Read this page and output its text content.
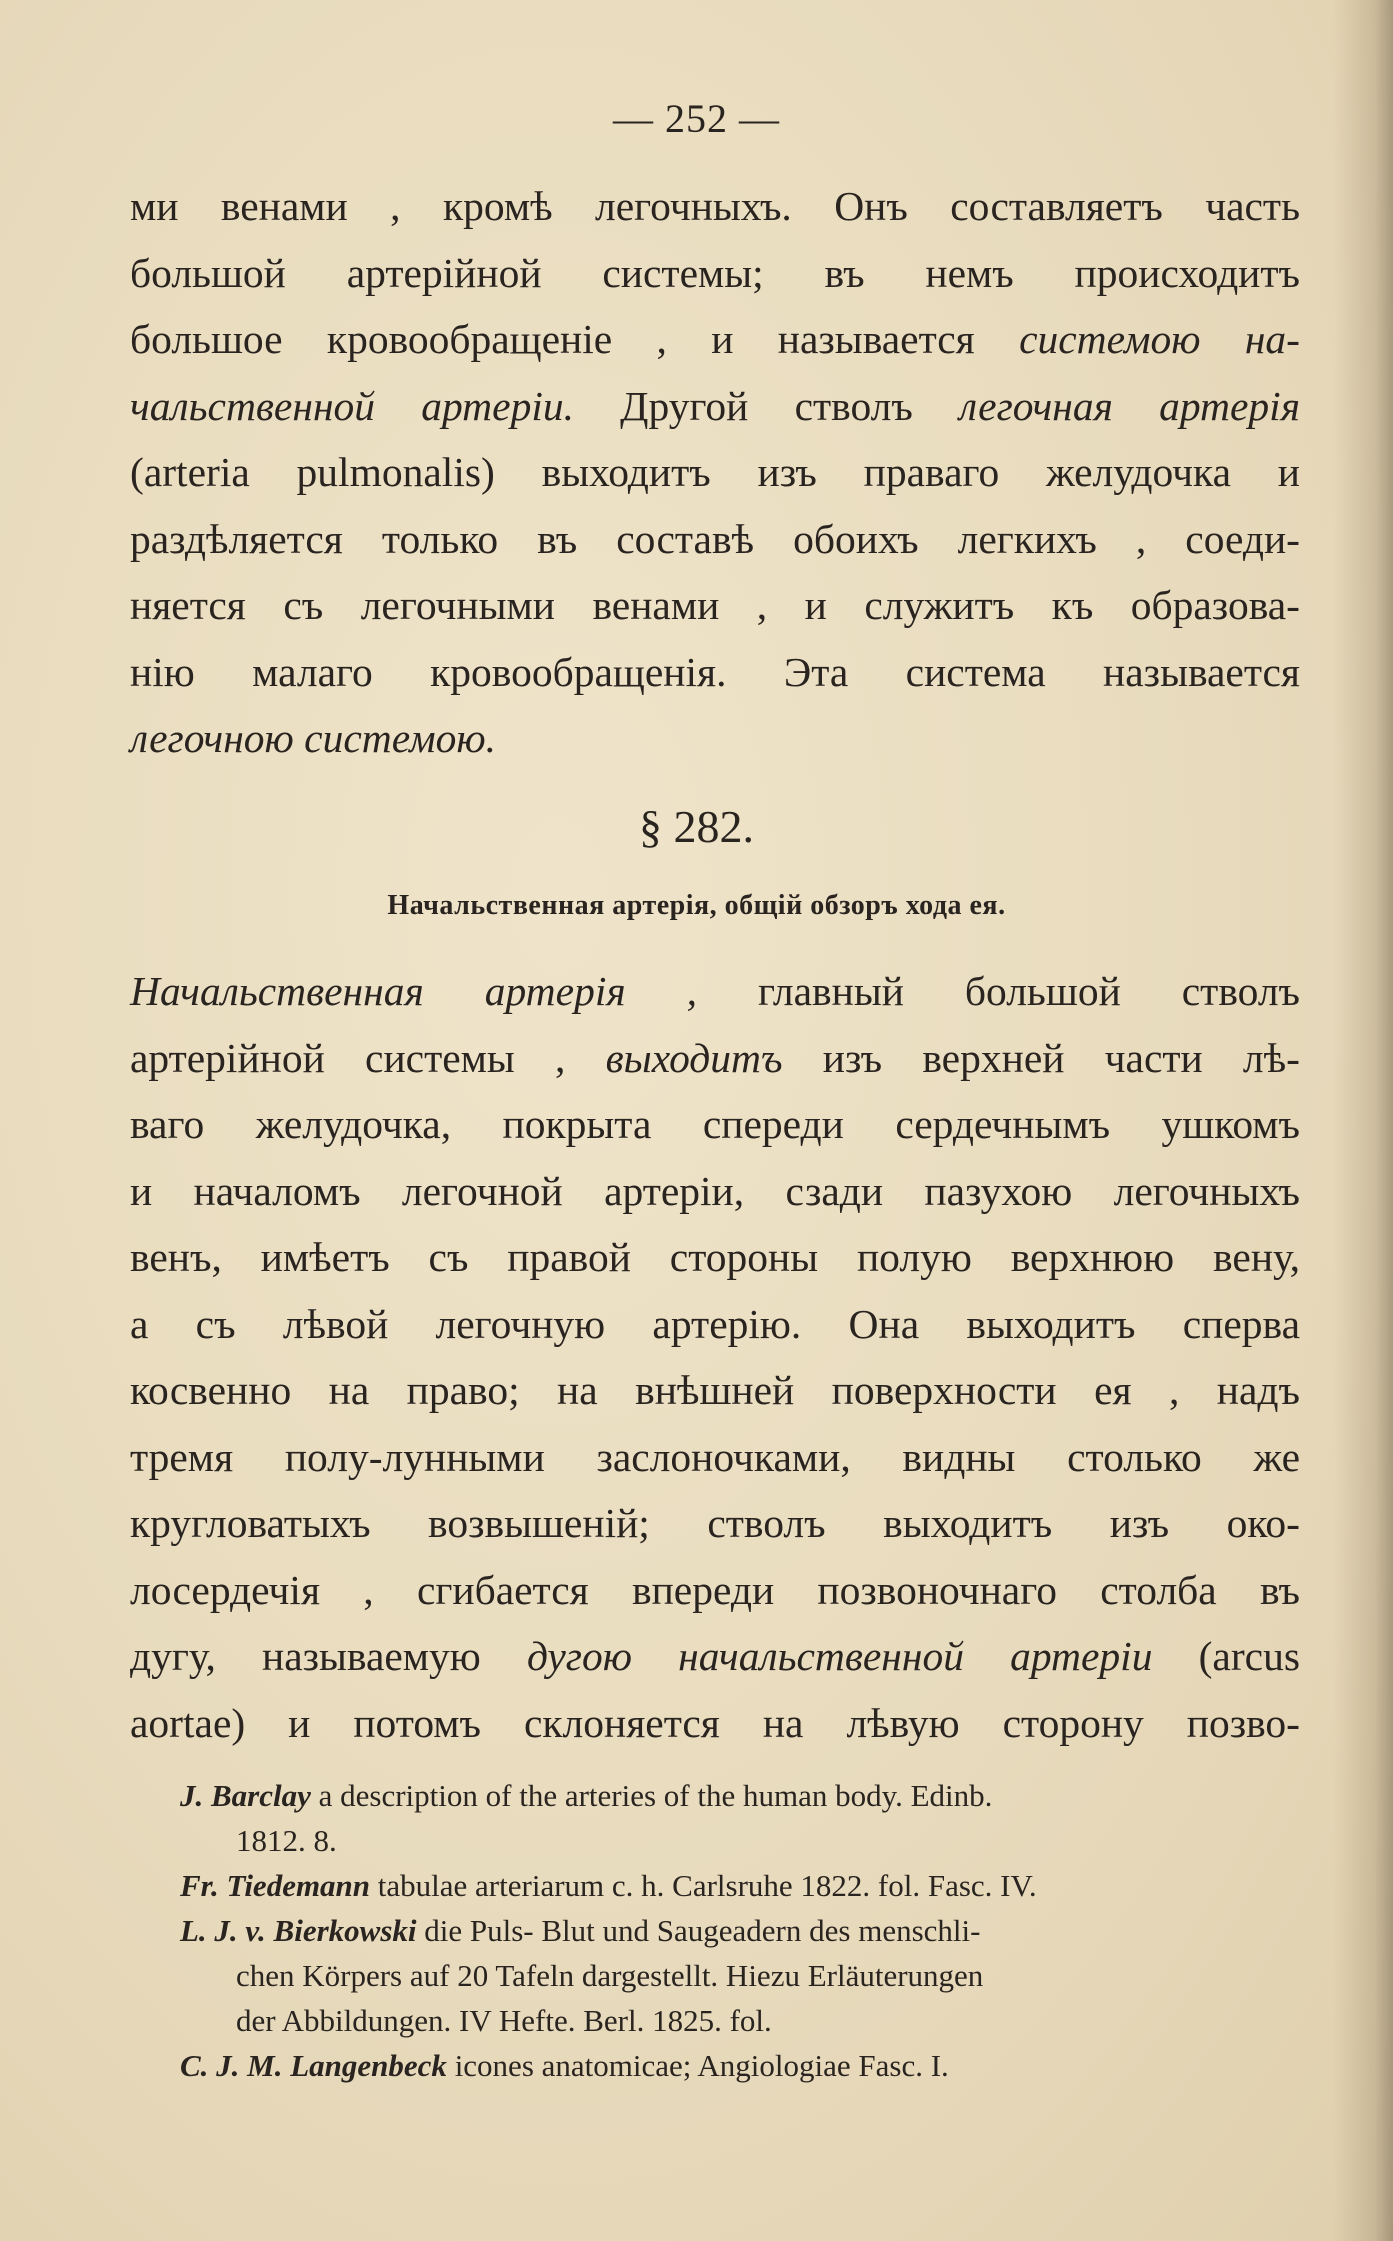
— 252 —
ми венами , кромѣ легочныхъ. Онъ составляетъ часть
большой артерiйной системы; въ немъ происходитъ
большое кровообращенiе , и называется системою на-
чальственной артерiи. Другой стволъ легочная артерiя
(arteria pulmonalis) выходитъ изъ праваго желудочка и
раздѣляется только въ составѣ обоихъ легкихъ , соеди-
няется съ легочными венами , и служитъ къ образова-
нiю малаго кровообращенiя. Эта система называется
легочною системою.
§ 282.
Начальственная артерiя, общiй обзоръ хода ея.
Начальственная артерiя , главный большой стволъ
артерiйной системы , выходитъ изъ верхней части лѣ-
ваго желудочка, покрыта спереди сердечнымъ ушкомъ
и началомъ легочной артерiи, сзади пазухою легочныхъ
венъ, имѣетъ съ правой стороны полую верхнюю вену,
а съ лѣвой легочную артерiю. Она выходитъ сперва
косвенно на право; на внѣшней поверхности ея , надъ
тремя полу-лунными заслоночками, видны столько же
кругловатыхъ возвышенiй; стволъ выходитъ изъ око-
лосердечiя , сгибается впереди позвоночнаго столба въ
дугу, называемую дугою начальственной артерiи (arcus
aortae) и потомъ склоняется на лѣвую сторону позво-
J. Barclay a description of the arteries of the human body. Edinb.
1812. 8.
Fr. Tiedemann tabulae arteriarum c. h. Carlsruhe 1822. fol. Fasc. IV.
L. J. v. Bierkowski die Puls- Blut und Saugeadern des menschli-
chen Körpers auf 20 Tafeln dargestellt. Hiezu Erläuterungen
der Abbildungen. IV Hefte. Berl. 1825. fol.
C. J. M. Langenbeck icones anatomicae; Angiologiae Fasc. I.
